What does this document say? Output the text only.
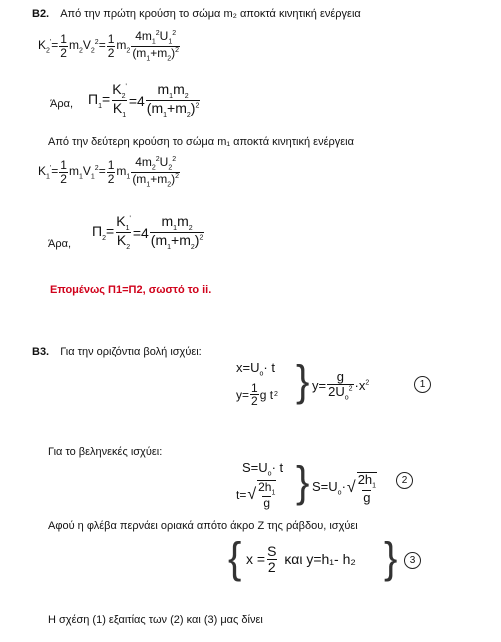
B2. Από την πρώτη κρούση το σώμα m₂ αποκτά κινητική ενέργεια
$K_2'= \frac{1}{2} m_2V_2^2= \frac{1}{2} m_2 \frac{4m_1^2U_1^2}{(m_1+m_2)^2}$
Άρα, $\Pi_1= \frac{K_2'}{K_1} =4 \frac{m_1m_2}{(m_1+m_2)^2}$
Από την δεύτερη κρούση το σώμα m₁ αποκτά κινητική ενέργεια
$K_1'= \frac{1}{2} m_1V_1^2= \frac{1}{2} m_1 \frac{4m_2^2U_2^2}{(m_1+m_2)^2}$
Άρα,
$\Pi_2= \frac{K_1'}{K_2} =4 \frac{m_1m_2}{(m_1+m_2)^2}$
Επομένως Π1=Π2, σωστό το ii.
B3. Για την οριζόντια βολή ισχύει:
$x=U_o\cdot t$
$y= \frac{1}{2}$ g t 2 } $y= \frac{g}{2U_o^2} \cdot x^2$	1
Για το βεληνεκές ισχύει:
$S=U_o\cdot t$
t= √ $\frac{2h_1}{g}$ } $S=U_o\cdot$ √ $\frac{2h_1}{g}$	2
Αφού η φλέβα περνάει οριακά απότο άκρο Ζ της ράβδου, ισχύει
{ $x = \frac{S}{2}$ και y=h₁- h₂ }	3
Η σχέση (1) εξαιτίας των (2) και (3) μας δίνει
